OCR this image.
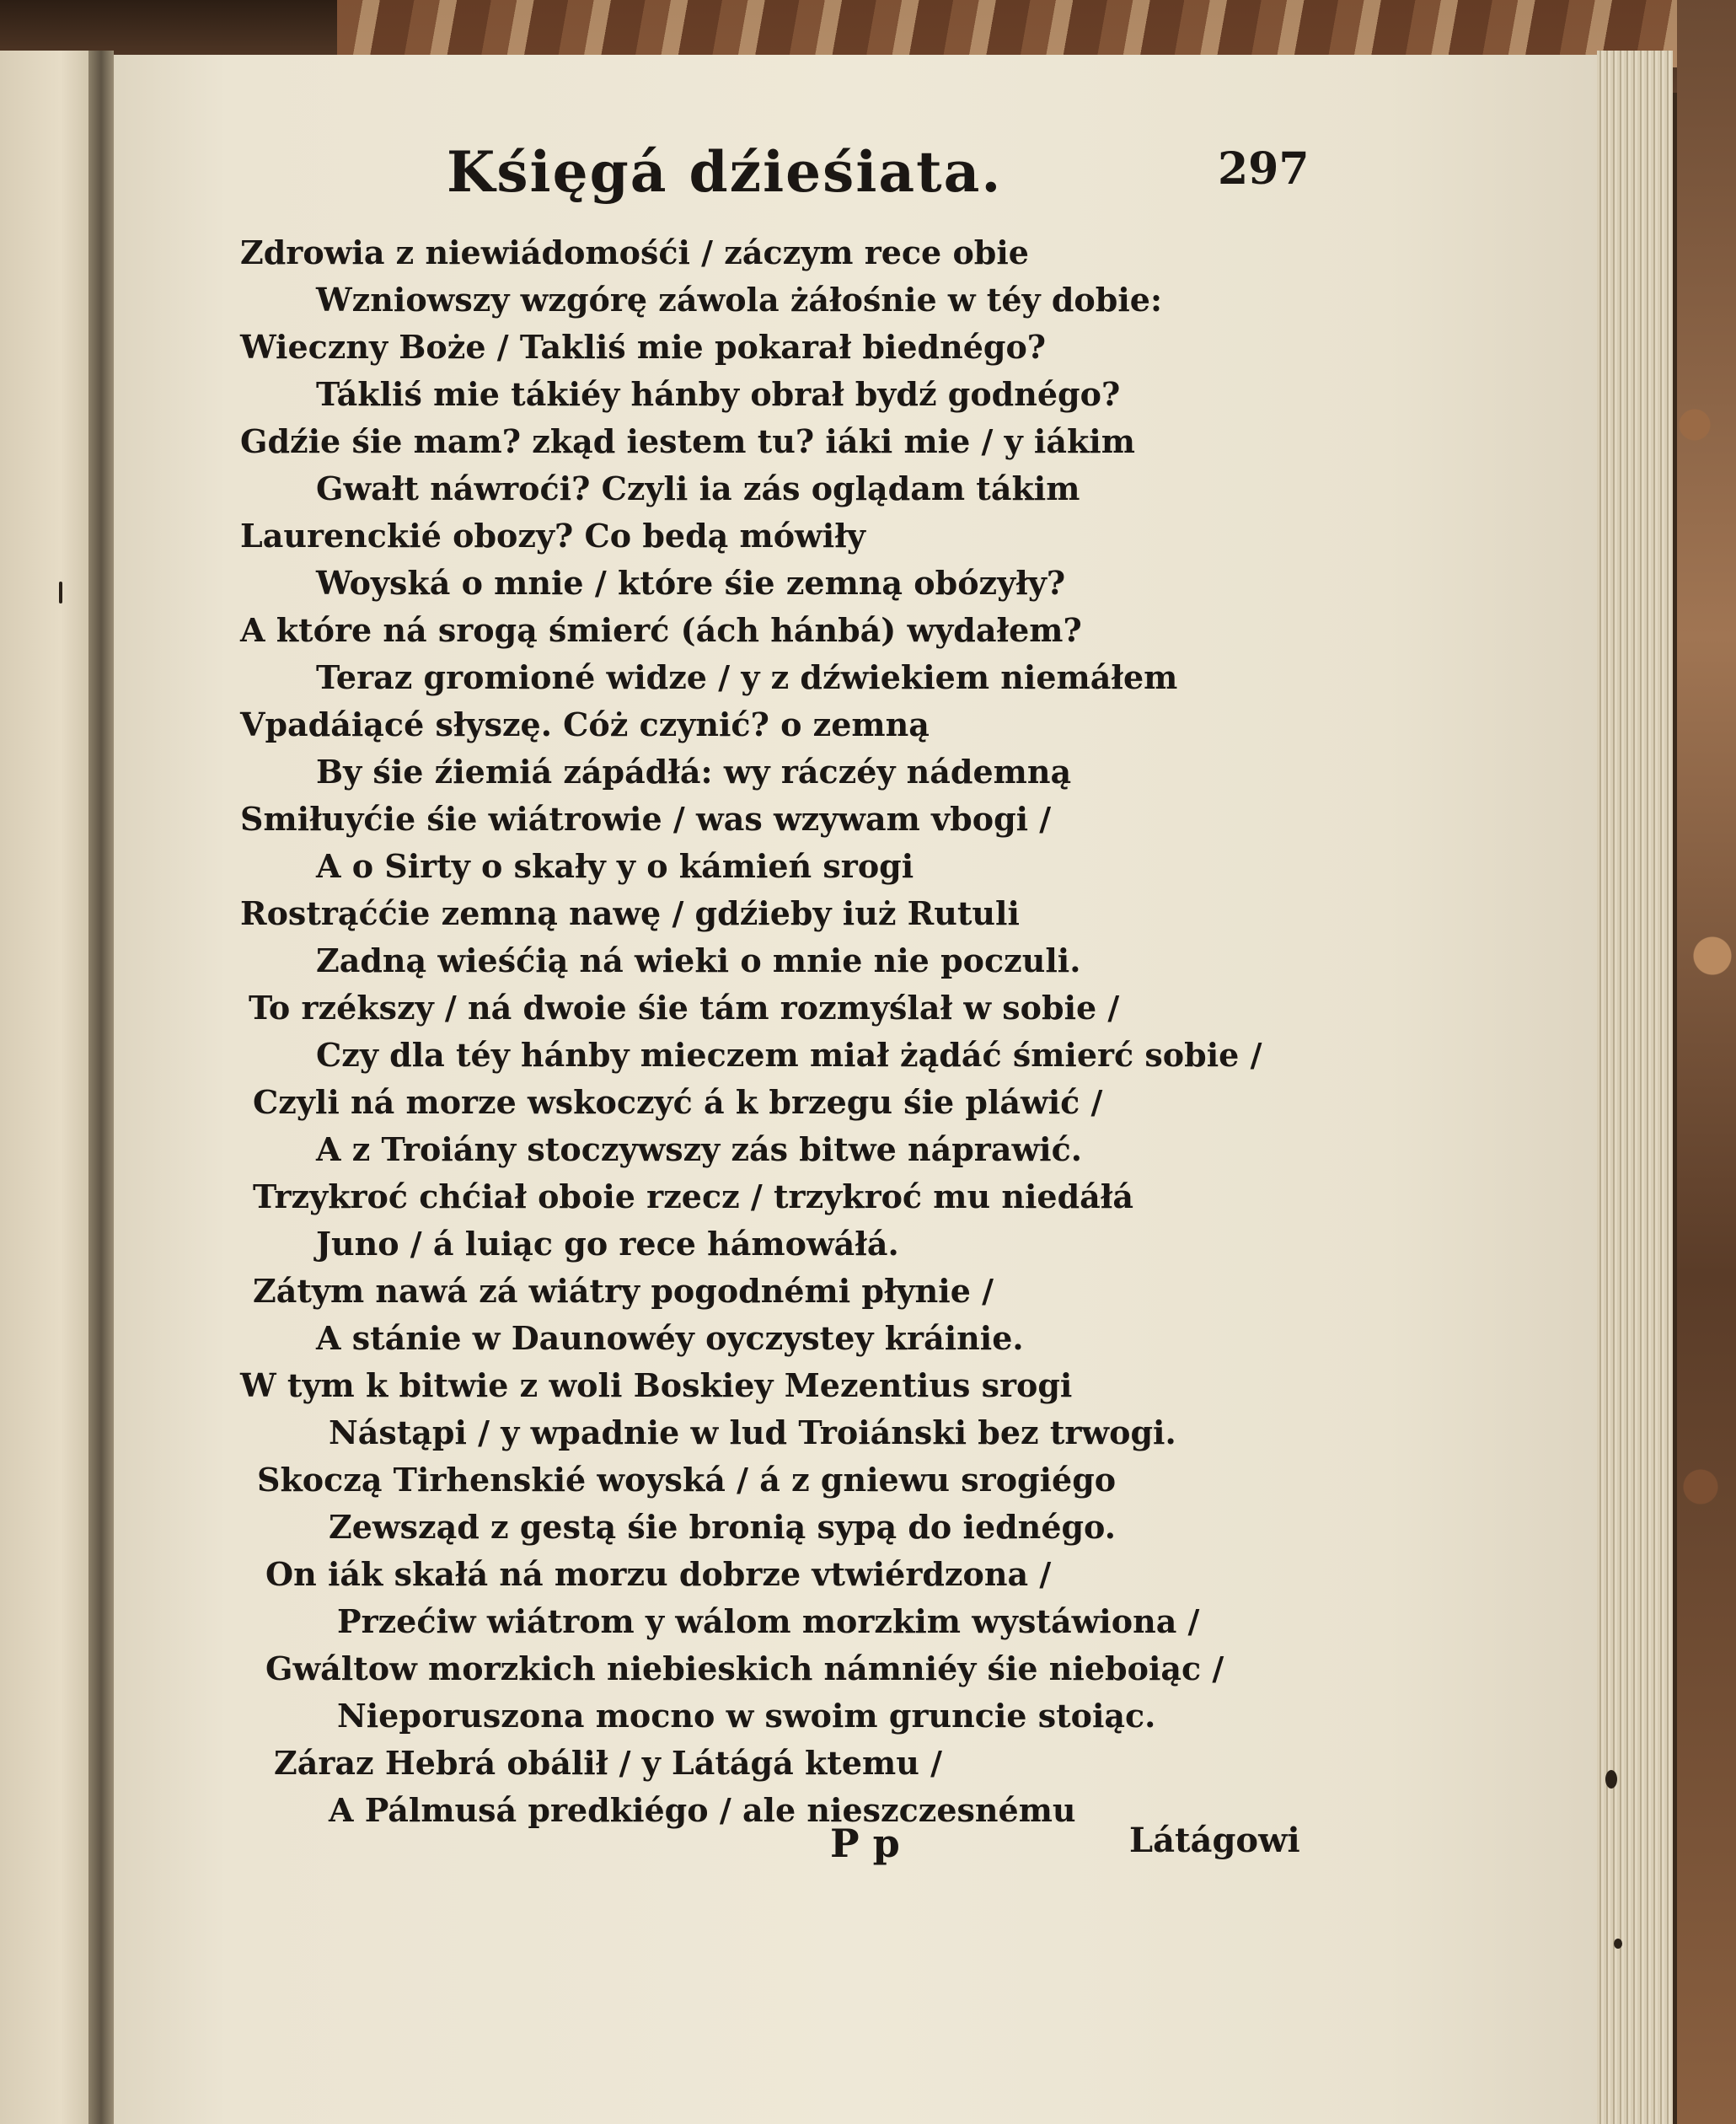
Kśięgá dźieśiata.	297
Zdrowia z niewiádomośći / záczym rece obie
Wzniowszy wzgórę záwola żáłośnie w téy dobie:
Wieczny Boże / Takliś mie pokarał biednégo?
Tákliś mie tákiéy hánby obrał bydź godnégo?
Gdźie śie mam? zkąd iestem tu? iáki mie / y iákim
Gwałt náwroći? Czyli ia zás oglądam tákim
Laurenckié obozy? Co bedą mówiły
Woyská o mnie / które śie zemną obózyły?
A które ná srogą śmierć (ách hánbá) wydałem?
Teraz gromioné widze / y z dźwiekiem niemáłem
Vpadáiącé słyszę. Cóż czynić? o zemną
By śie źiemiá zápádłá: wy ráczéy nádemną
Smiłuyćie śie wiátrowie / was wzywam vbogi /
A o Sirty o skały y o kámień srogi
Rostrąććie zemną nawę / gdźieby iuż Rutuli
Zadną wieśćią ná wieki o mnie nie poczuli.
To rzékszy / ná dwoie śie tám rozmyślał w sobie /
Czy dla téy hánby mieczem miał żądáć śmierć sobie /
Czyli ná morze wskoczyć á k brzegu śie pláwić /
A z Troiány stoczywszy zás bitwe náprawić.
Trzykroć chćiał oboie rzecz / trzykroć mu niedáłá
Juno / á luiąc go rece hámowáłá.
Zátym nawá zá wiátry pogodnémi płynie /
A stánie w Daunowéy oyczystey kráinie.
W tym k bitwie z woli Boskiey Mezentius srogi
Nástąpi / y wpadnie w lud Troiánski bez trwogi.
Skoczą Tirhenskié woyská / á z gniewu srogiégo
Zewsząd z gestą śie bronią sypą do iednégo.
On iák skałá ná morzu dobrze vtwiérdzona /
Przećiw wiátrom y wálom morzkim wystáwiona /
Gwáltow morzkich niebieskich námniéy śie nieboiąc /
Nieporuszona mocno w swoim gruncie stoiąc.
Záraz Hebrá obálił / y Látágá ktemu /
A Pálmusá predkiégo / ale nieszczesnému
P p	Látágowi
